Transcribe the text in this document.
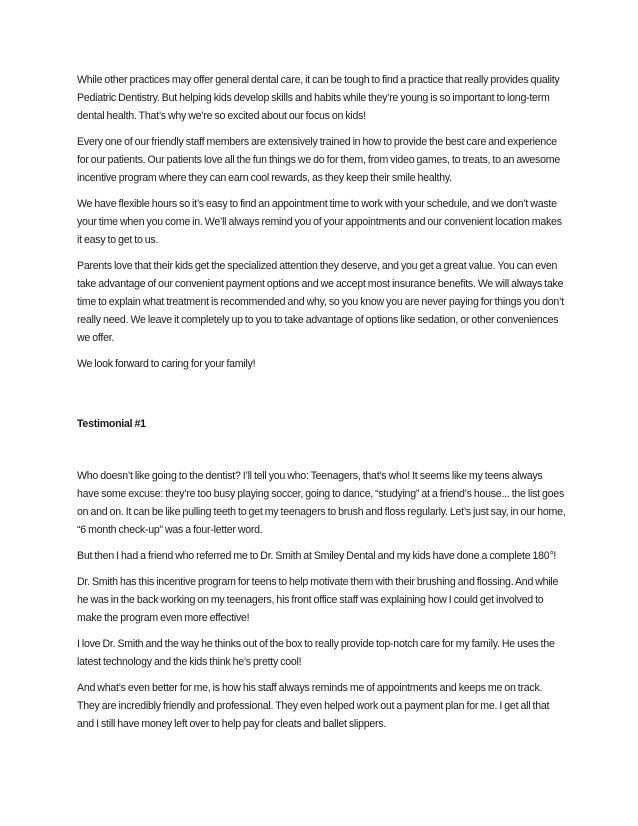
While other practices may offer general dental care, it can be tough to find a practice that really provides quality Pediatric Dentistry. But helping kids develop skills and habits while they’re young is so important to long-term dental health. That’s why we’re so excited about our focus on kids!

Every one of our friendly staff members are extensively trained in how to provide the best care and experience for our patients. Our patients love all the fun things we do for them, from video games, to treats, to an awesome incentive program where they can earn cool rewards, as they keep their smile healthy.

We have flexible hours so it’s easy to find an appointment time to work with your schedule, and we don’t waste your time when you come in. We’ll always remind you of your appointments and our convenient location makes it easy to get to us.

Parents love that their kids get the specialized attention they deserve, and you get a great value. You can even take advantage of our convenient payment options and we accept most insurance benefits. We will always take time to explain what treatment is recommended and why, so you know you are never paying for things you don’t really need. We leave it completely up to you to take advantage of options like sedation, or other conveniences we offer.

We look forward to caring for your family!

Testimonial #1

Who doesn’t like going to the dentist? I’ll tell you who: Teenagers, that’s who! It seems like my teens always have some excuse: they’re too busy playing soccer, going to dance, “studying” at a friend’s house... the list goes on and on. It can be like pulling teeth to get my teenagers to brush and floss regularly. Let’s just say, in our home, “6 month check-up” was a four-letter word.

But then I had a friend who referred me to Dr. Smith at Smiley Dental and my kids have done a complete 180°!

Dr. Smith has this incentive program for teens to help motivate them with their brushing and flossing. And while he was in the back working on my teenagers, his front office staff was explaining how I could get involved to make the program even more effective!

I love Dr. Smith and the way he thinks out of the box to really provide top-notch care for my family. He uses the latest technology and the kids think he’s pretty cool!

And what’s even better for me, is how his staff always reminds me of appointments and keeps me on track. They are incredibly friendly and professional. They even helped work out a payment plan for me. I get all that and I still have money left over to help pay for cleats and ballet slippers.
